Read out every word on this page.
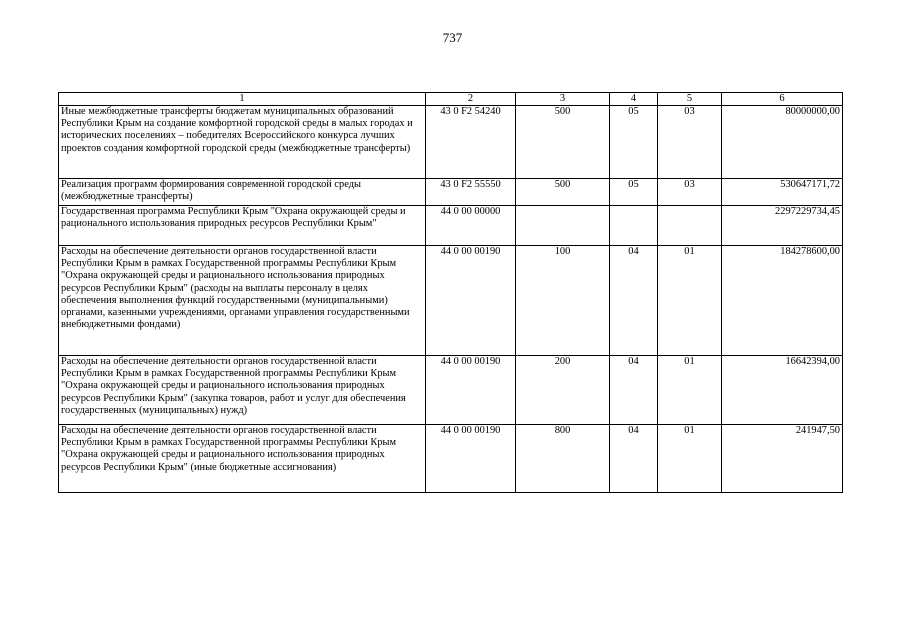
737
1	2	3	4	5	6
Иные межбюджетные трансферты бюджетам муниципальных образований Республики Крым на создание комфортной городской среды в малых городах и исторических поселениях – победителях Всероссийского конкурса лучших проектов создания комфортной городской среды (межбюджетные трансферты)	43 0 F2 54240	500	05	03	80000000,00
Реализация программ формирования современной городской среды (межбюджетные трансферты)	43 0 F2 55550	500	05	03	530647171,72
Государственная программа Республики Крым "Охрана окружающей среды и рационального использования природных ресурсов Республики Крым"	44 0 00 00000				2297229734,45
Расходы на обеспечение деятельности органов государственной власти Республики Крым в рамках Государственной программы Республики Крым "Охрана окружающей среды и рационального использования природных ресурсов Республики Крым" (расходы на выплаты персоналу в целях обеспечения выполнения функций государственными (муниципальными) органами, казенными учреждениями, органами управления государственными внебюджетными фондами)	44 0 00 00190	100	04	01	184278600,00
Расходы на обеспечение деятельности органов государственной власти Республики Крым в рамках Государственной программы Республики Крым "Охрана окружающей среды и рационального использования природных ресурсов Республики Крым" (закупка товаров, работ и услуг для обеспечения государственных (муниципальных) нужд)	44 0 00 00190	200	04	01	16642394,00
Расходы на обеспечение деятельности органов государственной власти Республики Крым в рамках Государственной программы Республики Крым "Охрана окружающей среды и рационального использования природных ресурсов Республики Крым" (иные бюджетные ассигнования)	44 0 00 00190	800	04	01	241947,50
